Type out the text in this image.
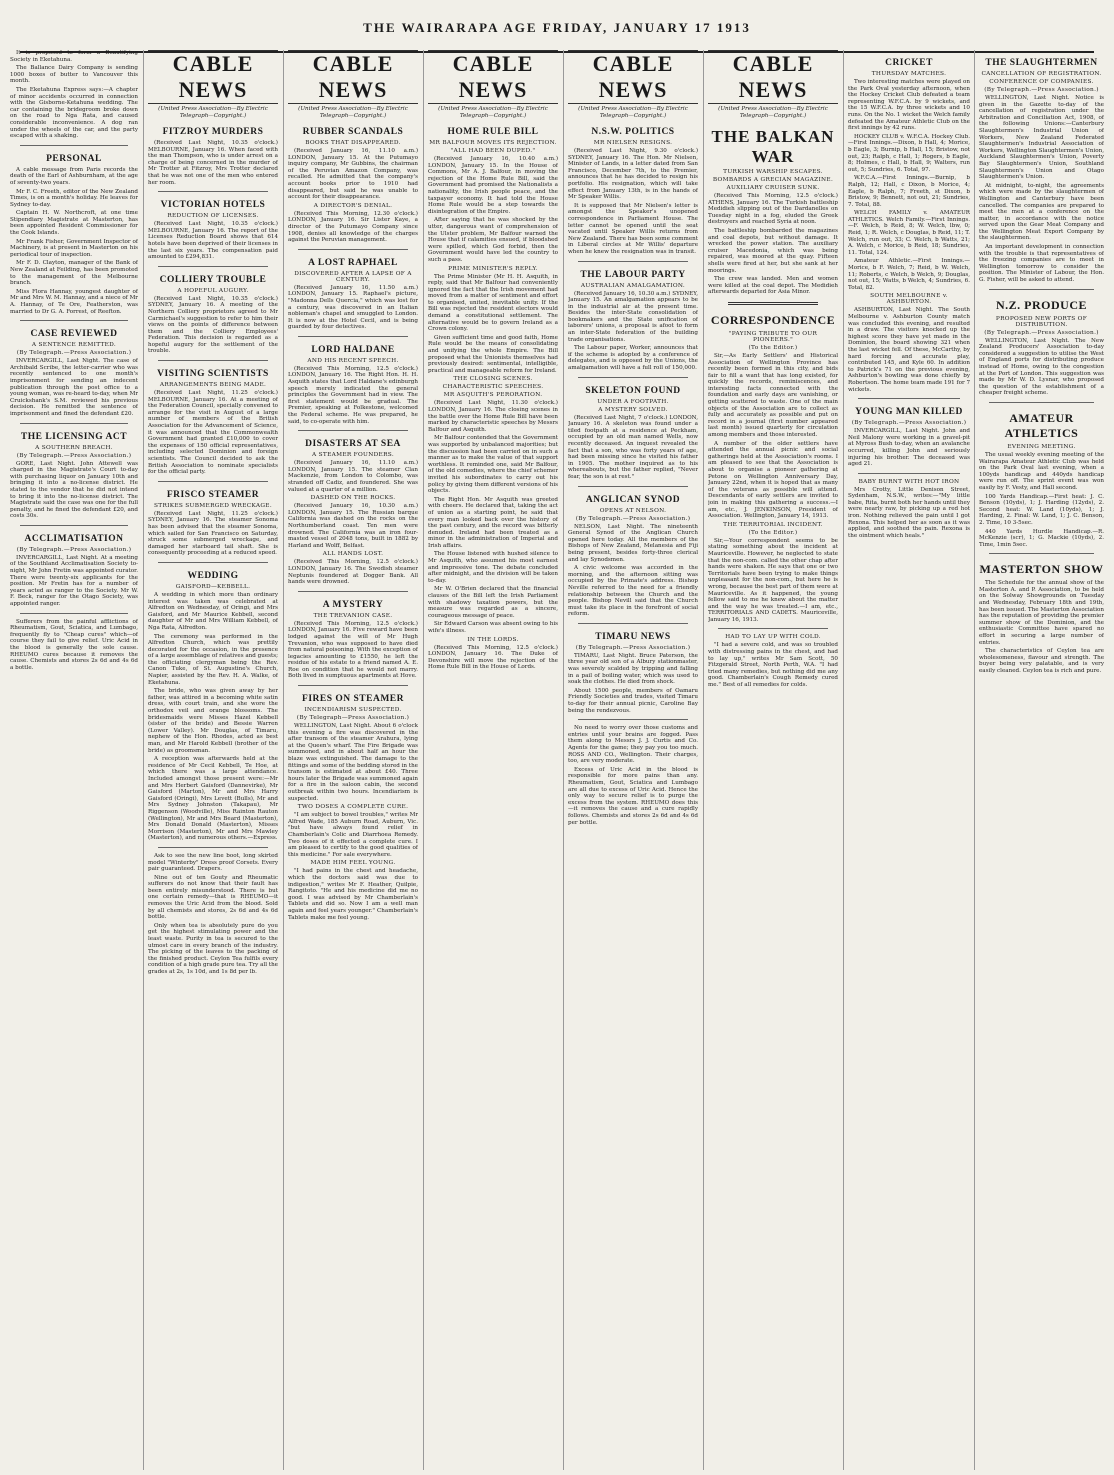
THE WAIRARAPA AGE FRIDAY, JANUARY 17 1913

It is proposed to form a Beautifying Society in Eketahuna.

The Ballance Dairy Company is sending 1000 boxes of butter to Vancouver this month.

The Eketahuna Express says:—A chapter of minor accidents occurred in connection with the Gisborne-Ketahuna wedding. The car containing the bridegroom broke down on the road to Nga Rata, and caused considerable inconvenience. A dog ran under the wheels of the car, and the party escaped with a shaking.

PERSONAL

A cable message from Paris records the death of the Earl of Ashburnham, at the age of seventy-two years.

Mr F. C. Freeth, editor of the New Zealand Times, is on a month's holiday. He leaves for Sydney to-day.

Captain H. W. Northcroft, at one time Stipendiary Magistrate at Masterton, has been appointed Resident Commissioner for the Cook Islands.

Mr Frank Fisher, Government Inspector of Machinery, is at present in Masterton on his periodical tour of inspection.

Mr F. D. Clayton, manager of the Bank of New Zealand at Feilding, has been promoted to the management of the Melbourne branch.

Miss Flora Hannay, youngest daughter of Mr and Mrs W. M. Hannay, and a niece of Mr A. Hannay, of Te Ore, Featherston, was married to Dr G. A. Forrest, of Reefton.

CASE REVIEWED
A SENTENCE REMITTED.
(By Telegraph.—Press Association.)

INVERCARGILL, Last Night. The case of Archibald Scribe, the letter-carrier who was recently sentenced to one month's imprisonment for sending an indecent publication through the post office to a young woman, was re-heard to-day, when Mr Cruickshank's S.M. reviewed his previous decision. He remitted the sentence of imprisonment and fined the defendant £20.

THE LICENSING ACT
A SOUTHERN BREACH.
(By Telegraph.—Press Association.)

GORE, Last Night. John Attewell was charged in the Magistrate's Court to-day with purchasing liquor on January 10th and bringing it into a no-license district. He stated to the vendor that he did not intend to bring it into the no-license district. The Magistrate said the case was one for the full penalty, and he fined the defendant £20, and costs 30s.

ACCLIMATISATION
(By Telegraph.—Press Association.)

INVERCARGILL, Last Night. At a meeting of the Southland Acclimatisation Society to-night, Mr John Fretin was appointed curator. There were twenty-six applicants for the position. Mr Fretin has for a number of years acted as ranger to the Society. Mr W. F. Beck, ranger for the Otago Society, was appointed ranger.

Sufferers from the painful afflictions of Rheumatism, Gout, Sciatica, and Lumbago, frequently fly to "Cheap cures" which—of course they fail to give relief. Uric Acid in the blood is generally the sole cause. RHEUMO cures because it removes the cause. Chemists and stores 2s 6d and 4s 6d a bottle.

CABLE NEWS
(United Press Association—By Electric Telegraph—Copyright.)
FITZROY MURDERS

(Received Last Night, 10.35 o'clock.) MELBOURNE, January 16. When faced with the man Thompson, who is under arrest on a charge of being concerned in the murder of Mr Trotter at Fitzroy, Mrs Trotter declared that he was not one of the men who entered her room.

VICTORIAN HOTELS
REDUCTION OF LICENSES.

(Received Last Night, 10.35 o'clock.) MELBOURNE, January 16. The report of the Licenses Reduction Board shows that 614 hotels have been deprived of their licenses in the last six years. The compensation paid amounted to £294,831.

COLLIERY TROUBLE
A HOPEFUL AUGURY.

(Received Last Night, 10.35 o'clock.) SYDNEY, January 16. A meeting of the Northern Colliery proprietors agreed to Mr Carmichael's suggestion to refer to him their views on the points of difference between them and the Colliery Employees' Federation. This decision is regarded as a hopeful augury for the settlement of the trouble.

VISITING SCIENTISTS
ARRANGEMENTS BEING MADE.

(Received Last Night, 11.25 o'clock.) MELBOURNE, January 16. At a meeting of the Federation Council, specially convened to arrange for the visit in August of a large number of members of the British Association for the Advancement of Science, it was announced that the Commonwealth Government had granted £10,000 to cover the expenses of 150 official representatives, including selected Dominion and foreign scientists. The Council decided to ask the British Association to nominate specialists for the official party.

FRISCO STEAMER
STRIKES SUBMERGED WRECKAGE.

(Received Last Night, 11.25 o'clock.) SYDNEY, January 16. The steamer Sonoma has been advised that the steamer Sonoma, which sailed for San Francisco on Saturday, struck some submerged wreckage, and damaged her starboard tail shaft. She is consequently proceeding at a reduced speed.

WEDDING
GAISFORD—KEBBELL.

A wedding in which more than ordinary interest was taken was celebrated at Alfredton on Wednesday, of Oringi, and Mrs Gaisford, and Mr Maurice Kebbell, second daughter of Mr and Mrs William Kebbell, of Nga Rata, Alfredton.

The ceremony was performed in the Alfredton Church, which was prettily decorated for the occasion, in the presence of a large assemblage of relatives and guests; the officiating clergyman being the Rev. Canon Tuke, of St. Augustine's Church, Napier, assisted by the Rev. H. A. Walke, of Eketahuna.

The bride, who was given away by her father, was attired in a becoming white satin dress, with court train, and she wore the orthodox veil and orange blossoms. The bridesmaids were Misses Hazel Kebbell (sister of the bride) and Bessie Warren (Lower Valley). Mr Douglas, of Timaru, nephew of the Hon. Rhodes, acted as best man, and Mr Harold Kebbell (brother of the bride) as groomsman.

A reception was afterwards held at the residence of Mr Cecil Kebbell, Te Hoe, at which there was a large attendance. Included amongst those present were:—Mr and Mrs Herbert Gaisford (Dannevirke), Mr Gaisford (Marton), Mr and Mrs Harry Gaisford (Oringi), Mrs Levett (Bulls), Mr and Mrs Sydney Johnston (Takapau), Mr Riggenson (Woodville), Miss Rainton Rauton (Wellington), Mr and Mrs Beard (Masterton), Mrs Donald Donald (Masterton), Misses Morrison (Masterton), Mr and Mrs Mawley (Masterton), and numerous others.—Express.

Ask to see the new line boot, long skirted model "Winterby" Dress proof Corsets. Every pair guaranteed. Drapers.

Nine out of ten Gouty and Rheumatic sufferers do not know that their fault has been entirely misunderstood. There is but one certain remedy—that is RHEUMO—it removes the Uric Acid from the blood. Sold by all chemists and stores, 2s 6d and 4s 6d bottle.

Only when tea is absolutely pure do you get the highest stimulating power and the least waste. Purity in tea is secured to the utmost care in every branch of the industry. The picking of the leaves to the packing of the finished product. Ceylon Tea fulfils every condition of a high grade pure tea. Try all the grades at 2s, 1s 10d, and 1s 8d per lb.

CABLE NEWS
(United Press Association—By Electric Telegraph—Copyright.)
RUBBER SCANDALS
BOOKS THAT DISAPPEARED.

(Received January 16, 11.10 a.m.) LONDON, January 15. At the Putumayo inquiry company, Mr Gubbins, the chairman of the Peruvian Amazon Company, was recalled. He admitted that the company's account books prior to 1910 had disappeared, but said he was unable to account for their disappearance.

A DIRECTOR'S DENIAL.

(Received This Morning, 12.30 o'clock.) LONDON, January 16. Sir Lister Kaye, a director of the Putumayo Company since 1908, denies all knowledge of the charges against the Peruvian management.

A LOST RAPHAEL
DISCOVERED AFTER A LAPSE OF A CENTURY.

(Received January 16, 11.50 a.m.) LONDON, January 15. Raphael's picture, "Madonna Dells Quercia," which was lost for a century, was discovered in an Italian nobleman's chapel and smuggled to London. It is now at the Hotel Cecil, and is being guarded by four detectives.

LORD HALDANE
AND HIS RECENT SPEECH.

(Received This Morning, 12.5 o'clock.) LONDON, January 16. The Right Hon. H. H. Asquith states that Lord Haldane's edinburgh speech merely indicated the general principles the Government had in view. The first statement would be gradual. The Premier, speaking at Folkestone, welcomed the Federal scheme. He was prepared, he said, to co-operate with him.

DISASTERS AT SEA
A STEAMER FOUNDERS.

(Received January 16, 11.10 a.m.) LONDON, January 15. The steamer Clan Mackenzie, from London to Colombo, was stranded off Cadiz, and foundered. She was valued at a quarter of a million.

DASHED ON THE ROCKS.

(Received January 16, 10.30 a.m.) LONDON, January 15. The Russian barque California was dashed on the rocks on the Northumberland coast. Ten men were drowned. The California was an iron four-masted vessel of 2048 tons, built in 1882 by Harland and Wolff, Belfast.

ALL HANDS LOST.

(Received This Morning, 12.5 o'clock.) LONDON, January 16. The Swedish steamer Neptunis foundered at Dogger Bank. All hands were drowned.

A MYSTERY
THE TREVANION CASE.

(Received This Morning, 12.5 o'clock.) LONDON, January 16. Five reward have been lodged against the will of Mr Hugh Trevanion, who was supposed to have died from natural poisoning. With the exception of legacies amounting to £1550, he left the residue of his estate to a friend named A. E. Roe on condition that he would not marry. Both lived in sumptuous apartments at Hove.

FIRES ON STEAMER
INCENDIARISM SUSPECTED.
(By Telegraph—Press Association.)

WELLINGTON, Last Night. About 6 o'clock this evening a fire was discovered in the after transom of the steamer Arahura, lying at the Queen's wharf. The Fire Brigade was summoned, and in about half an hour the blaze was extinguished. The damage to the fittings and some of the bedding stored in the transom is estimated at about £40. Three hours later the Brigade was summoned again for a fire in the saloon cabin, the second outbreak within two hours. Incendiarism is suspected.

TWO DOSES A COMPLETE CURE.

"I am subject to bowel troubles," writes Mr Alfred Wade, 185 Auburn Road, Auburn, Vic. "but have always found relief in Chamberlain's Colic and Diarrhoea Remedy. Two doses of it effected a complete cure. I am pleased to certify to the good qualities of this medicine." For sale everywhere.

MADE HIM FEEL YOUNG.

"I had pains in the chest and headache, which the doctors said was due to indigestion," writes Mr F. Heather, Quilpie, Rangitoto. "He and his medicine did me no good. I was advised by Mr Chamberlain's Tablets and did so. Now I am a well man again and feel years younger." Chamberlain's Tablets make me feel young.

CABLE NEWS
(United Press Association—By Electric Telegraph—Copyright.)
HOME RULE BILL
MR BALFOUR MOVES ITS REJECTION.
"ALL HAD BEEN DUPED."

(Received January 16, 10.40 a.m.) LONDON, January 15. In the House of Commons, Mr A. J. Balfour, in moving the rejection of the Home Rule Bill, said the Government had promised the Nationalists a nationality, the Irish people peace, and the taxpayer economy. It had told the House Home Rule would be a step towards the disintegration of the Empire.

After saying that he was shocked by the utter, dangerous want of comprehension of the Ulster problem, Mr Balfour warned the House that if calamities ensued, if bloodshed were spilled, which God forbid, then the Government would have led the country to such a pass.

PRIME MINISTER'S REPLY.

The Prime Minister (Mr H. H. Asquith, in reply, said that Mr Balfour had conveniently ignored the fact that the Irish movement had moved from a matter of sentiment and effort to organised, united, inevitable unity. If the Bill was rejected the resident electors would demand a constitutional settlement. The alternative would be to govern Ireland as a Crown colony.

Given sufficient time and good faith, Home Rule would be the means of consolidating and unifying the whole Empire. The Bill proposed what the Unionists themselves had previously desired: sentimental, intelligible, practical and manageable reform for Ireland.

THE CLOSING SCENES.
CHARACTERISTIC SPEECHES.
MR ASQUITH'S PERORATION.

(Received Last Night, 11.30 o'clock.) LONDON, January 16. The closing scenes in the battle over the Home Rule Bill have been marked by characteristic speeches by Messrs Balfour and Asquith.

Mr Balfour contended that the Government was supported by unbalanced majorities; but the discussion had been carried on in such a manner as to make the value of that support worthless. It reminded one, said Mr Balfour, of the old comedies, where the chief schemer invited his subordinates to carry out his policy by giving them different versions of his objects.

The Right Hon. Mr Asquith was greeted with cheers. He declared that, taking the act of union as a starting point, he said that every man looked back over the history of the past century, and the record was bitterly denuded. Ireland had been treated as a minor in the administration of Imperial and Irish affairs.

The House listened with hushed silence to Mr Asquith, who assumed his most earnest and impressive tone. The debate concluded after midnight, and the division will be taken to-day.

Mr W. O'Brien declared that the financial clauses of the Bill left the Irish Parliament with shadowy taxation powers, but the measure was regarded as a sincere, courageous message of peace.

Sir Edward Carson was absent owing to his wife's illness.

IN THE LORDS.

(Received This Morning, 12.5 o'clock.) LONDON, January 16. The Duke of Devonshire will move the rejection of the Home Rule Bill in the House of Lords.

CABLE NEWS
(United Press Association—By Electric Telegraph—Copyright.)
N.S.W. POLITICS
MR NIELSEN RESIGNS.

(Received Last Night, 9.30 o'clock.) SYDNEY, January 16. The Hon. Mr Nielsen, Minister of Lands, in a letter dated from San Francisco, December 7th, to the Premier, announces that he has decided to resign his portfolio. His resignation, which will take effect from January 13th, is in the hands of Mr Speaker Willis.

It is supposed that Mr Nielsen's letter is amongst the Speaker's unopened correspondence in Parliament House. The letter cannot be opened until the seat vacated until Speaker Willis returns from New Zealand. There has been some comment in Liberal circles at Mr Willis' departure when he knew the resignation was in transit.

THE LABOUR PARTY
AUSTRALIAN AMALGAMATION.

(Received January 16, 10.30 a.m.) SYDNEY, January 15. An amalgamation appears to be in the industrial air at the present time. Besides the inter-State consolidation of bookmakers and the State unification of laborers' unions, a proposal is afoot to form an inter-State federation of the building trade organisations.

The Labour paper, Worker, announces that if the scheme is adopted by a conference of delegates, and is opposed by the Unions, the amalgamation will have a full roll of 150,000.

SKELETON FOUND
UNDER A FOOTPATH.
A MYSTERY SOLVED.

(Received Last Night, 7 o'clock.) LONDON, January 16. A skeleton was found under a tiled footpath at a residence at Peckham, occupied by an old man named Wells, now recently deceased. An inquest revealed the fact that a son, who was forty years of age, had been missing since he visited his father in 1905. The mother inquired as to his whereabouts, but the father replied, "Never fear, the son is at rest."

ANGLICAN SYNOD
OPENS AT NELSON.
(By Telegraph.—Press Association.)

NELSON, Last Night. The nineteenth General Synod of the Anglican Church opened here today. All the members of the Bishops of New Zealand, Melanesia and Fiji being present, besides forty-three clerical and lay Synodsmen.

A civic welcome was accorded in the morning, and the afternoon sitting was occupied by the Primate's address. Bishop Neville referred to the need for a friendly relationship between the Church and the people. Bishop Nevill said that the Church must take its place in the forefront of social reform.

TIMARU NEWS
(By Telegraph.—Press Association.)

TIMARU, Last Night. Bruce Paterson, the three year old son of a Albury stationmaster, was severely scalded by tripping and falling in a pail of boiling water, which was used to soak the clothes. He died from shock.

About 1500 people, members of Oamaru Friendly Societies and trades, visited Timaru to-day for their annual picnic, Caroline Bay being the rendezvous.

No need to worry over those customs and entries until your brains are fogged. Pass them along to Messrs J. J. Curtis and Co. Agents for the game; they pay you too much. ROSS AND CO., Wellington. Their charges, too, are very moderate.

Excess of Uric Acid in the blood is responsible for more pains than any. Rheumatism, Gout, Sciatica and Lumbago are all due to excess of Uric Acid. Hence the only way to secure relief is to purge the excess from the system. RHEUMO does this—it removes the cause and a cure rapidly follows. Chemists and stores 2s 6d and 4s 6d per bottle.

CABLE NEWS
(United Press Association—By Electric Telegraph—Copyright.)
THE BALKAN WAR
TURKISH WARSHIP ESCAPES.
BOMBARDS A GRECIAN MAGAZINE.
AUXILIARY CRUISER SUNK.

(Received This Morning, 12.5 o'clock.) ATHENS, January 16. The Turkish battleship Medidieh slipping out of the Dardanelles on Tuesday night in a fog, eluded the Greek destroyers and reached Syria at noon.

The battleship bombarded the magazines and coal depots, but without damage. It wrecked the power station. The auxiliary cruiser Macedonia, which was being repaired, was moored at the quay. Fifteen shells were fired at her, but she sank at her moorings.

The crew was landed. Men and women were killed at the coal depot. The Medidieh afterwards departed for Asia Minor.

CORRESPONDENCE
"PAYING TRIBUTE TO OUR PIONEERS."
(To the Editor.)

Sir,—As Early Settlers' and Historical Association of Wellington Province has recently been formed in this city, and bids fair to fill a want that has long existed, for quickly the records, reminiscences, and interesting facts connected with the foundation and early days are vanishing, or getting scattered to waste. One of the main objects of the Association are to collect as fully and accurately as possible and put on record in a journal (first number appeared last month) issued quarterly for circulation among members and those interested.

A number of the older settlers have attended the annual picnic and social gatherings held at the Association's rooms. I am pleased to see that the Association is about to organise a pioneer gathering at Petone on Wellington Anniversary Day, January 22nd, when it is hoped that as many of the veterans as possible will attend. Descendants of early settlers are invited to join in making this gathering a success.—I am, etc., J. JENKINSON, President of Association. Wellington, January 14, 1913.

THE TERRITORIAL INCIDENT.
(To the Editor.)

Sir,—Your correspondent seems to be stating something about the incident at Mauriceville. However, he neglected to state that the non-com. called the other chap after hands were shaken. He says that one or two Territorials have been trying to make things unpleasant for the non-com., but here he is wrong, because the best part of them were at Mauriceville. As it happened, the young fellow said to me he knew about the matter and the way he was treated.—I am, etc., TERRITORIALS AND CADETS. Mauriceville, January 16, 1913.

HAD TO LAY UP WITH COLD.

"I had a severe cold, and was so troubled with distressing pains in the chest, and had to lay up," writes Mr Sam Scott, 50 Fitzgerald Street, North Perth, W.A. "I had tried many remedies, but nothing did me any good. Chamberlain's Cough Remedy cured me." Best of all remedies for colds.

CRICKET
THURSDAY MATCHES.

Two interesting matches were played on the Park Oval yesterday afternoon, when the Hockey Cricket Club defeated a team representing W.F.C.A. by 9 wickets, and the 15 W.F.C.A. by three wickets and 10 runs. On the No. 1 wicket the Welch family defeated the Amateur Athletic Club on the first innings by 42 runs.

HOCKEY CLUB v. W.F.C.A. Hockey Club.—First Innings.—Dixon, b Hall, 4; Morice, b Eagle, 3; Burnip, b Hall, 15; Bristow, not out, 23; Ralph, c Hall, 1; Rogers, b Eagle, 8; Holmes, c Hall, b Hall, 9; Walters, run out, 5; Sundries, 6. Total, 97.

W.F.C.A.—First Innings.—Burnip, b Ralph, 12; Hall, c Dixon, b Morice, 4; Eagle, b Ralph, 7; Freeth, st Dixon, b Bristow, 9; Bennett, not out, 21; Sundries, 7. Total, 88.

WELCH FAMILY v. AMATEUR ATHLETICS. Welch Family.—First Innings.—F. Welch, b Reid, 8; W. Welch, lbw, 0; Reid, 1; R. Welch, c Douglas, b Reid, 11; T. Welch, run out, 33; C. Welch, b Watts, 21; A. Welch, c Morice, b Reid, 18; Sundries, 11. Total, 124.

Amateur Athletic.—First Innings.—Morice, b F. Welch, 7; Reid, b W. Welch, 11; Roberts, c Welch, b Welch, 9; Douglas, not out, 15; Watts, b Welch, 4; Sundries, 6. Total, 82.

SOUTH MELBOURNE v. ASHBURTON.

ASHBURTON, Last Night. The South Melbourne v. Ashburton County match was concluded this evening, and resulted in a draw. The visitors knocked up the highest score they have yet made in the Dominion, the board showing 321 when the last wicket fell. Of these, McCarthy, by hard forcing and accurate play, contributed 145, and Kyle 60. In addition to Patrick's 71 on the previous evening, Ashburton's bowling was done chiefly by Robertson. The home team made 191 for 7 wickets.

YOUNG MAN KILLED
(By Telegraph.—Press Association.)

INVERCARGILL, Last Night. John and Neil Malony were working in a gravel-pit at Myross Bush to-day, when an avalanche occurred, killing John and seriously injuring his brother. The deceased was aged 21.

BABY BURNT WITH HOT IRON

Mrs Crotty, Little Denison Street, Sydenham, N.S.W., writes:—"My little babe, Rita, burnt both her hands until they were nearly raw, by picking up a red hot iron. Nothing relieved the pain until I got Rexona. This helped her as soon as it was applied, and soothed the pain. Rexona is the ointment which heals."

THE SLAUGHTERMEN
CANCELLATION OF REGISTRATION.
CONFERENCE OF COMPANIES.
(By Telegraph.—Press Association.)

WELLINGTON, Last Night. Notice is given in the Gazette to-day of the cancellation of registration under the Arbitration and Conciliation Act, 1908, of the following Unions:—Canterbury Slaughtermen's Industrial Union of Workers, New Zealand Federated Slaughtermen's Industrial Association of Workers, Wellington Slaughtermen's Union, Auckland Slaughtermen's Union, Poverty Bay Slaughtermen's Union, Southland Slaughtermen's Union and Otago Slaughtermen's Union.

At midnight, to-night, the agreements which were made by the slaughtermen of Wellington and Canterbury have been cancelled. The companies are prepared to meet the men at a conference on the matter, in accordance with the notice served upon the Gear Meat Company and the Wellington Meat Export Company by the slaughtermen.

An important development in connection with the trouble is that representatives of the freezing companies are to meet in Wellington tomorrow to consider the position. The Minister of Labour, the Hon. G. Fisher, will be asked to attend.

N.Z. PRODUCE
PROPOSED NEW PORTS OF DISTRIBUTION.
(By Telegraph.—Press Association.)

WELLINGTON, Last Night. The New Zealand Producers' Association to-day considered a suggestion to utilise the West of England ports for distributing produce instead of Home, owing to the congestion at the Port of London. This suggestion was made by Mr W. D. Lysnar, who proposed the question of the establishment of a cheaper freight scheme.

AMATEUR ATHLETICS
EVENING MEETING.

The usual weekly evening meeting of the Wairarapa Amateur Athletic Club was held on the Park Oval last evening, when a 100yds handicap and 440yds handicap were run off. The sprint event was won easily by F. Vesty, and Hall second.

100 Yards Handicap.—First heat: J. C. Benson (10yds), 1; J. Harding (12yds), 2. Second heat: W. Land (10yds), 1; J. Harding, 2. Final: W. Land, 1; J. C. Benson, 2. Time, 10 3-5sec.

440 Yards Hurdle Handicap.—R. McKenzie (scr), 1; G. Mackie (10yds), 2. Time, 1min 5sec.

MASTERTON SHOW

The Schedule for the annual show of the Masterton A. and P. Association, to be held on the Solway Showgrounds on Tuesday and Wednesday, February 18th and 19th, has been issued. The Masterton Association has the reputation of providing the premier summer show of the Dominion, and the enthusiastic Committee have spared no effort in securing a large number of entries.

The characteristics of Ceylon tea are wholesomeness, flavour and strength. The buyer being very palatable, and is very easily cleaned. Ceylon tea is rich and pure.
